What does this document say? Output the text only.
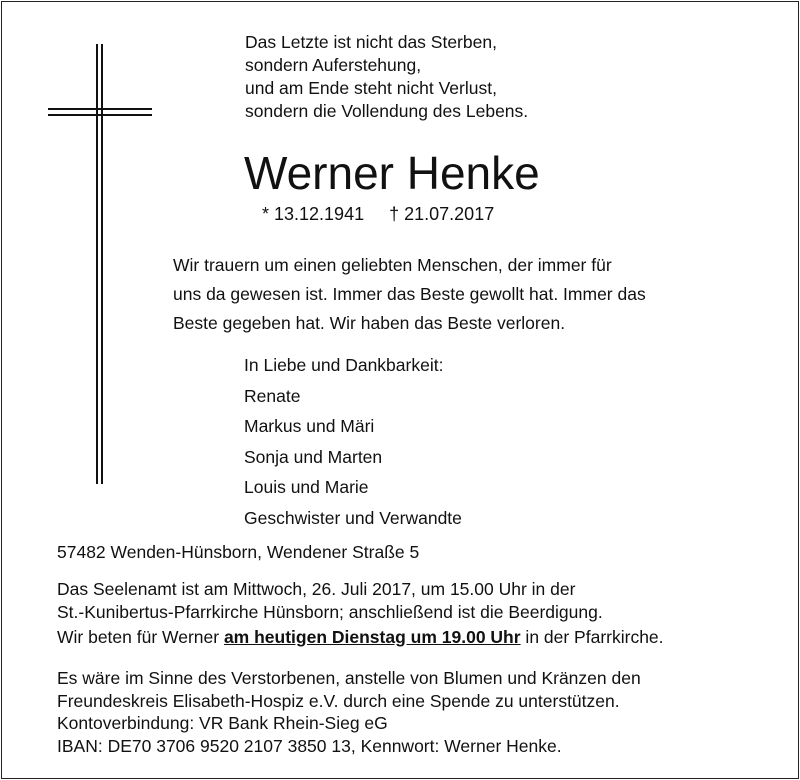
Das Letzte ist nicht das Sterben,
sondern Auferstehung,
und am Ende steht nicht Verlust,
sondern die Vollendung des Lebens.
Werner Henke
* 13.12.1941 † 21.07.2017
Wir trauern um einen geliebten Menschen, der immer für
uns da gewesen ist. Immer das Beste gewollt hat. Immer das
Beste gegeben hat. Wir haben das Beste verloren.
In Liebe und Dankbarkeit:
Renate
Markus und Märi
Sonja und Marten
Louis und Marie
Geschwister und Verwandte
57482 Wenden-Hünsborn, Wendener Straße 5
Das Seelenamt ist am Mittwoch, 26. Juli 2017, um 15.00 Uhr in der
St.-Kunibertus-Pfarrkirche Hünsborn; anschließend ist die Beerdigung.
Wir beten für Werner am heutigen Dienstag um 19.00 Uhr in der Pfarrkirche.
Es wäre im Sinne des Verstorbenen, anstelle von Blumen und Kränzen den
Freundeskreis Elisabeth-Hospiz e.V. durch eine Spende zu unterstützen.
Kontoverbindung: VR Bank Rhein-Sieg eG
IBAN: DE70 3706 9520 2107 3850 13, Kennwort: Werner Henke.
